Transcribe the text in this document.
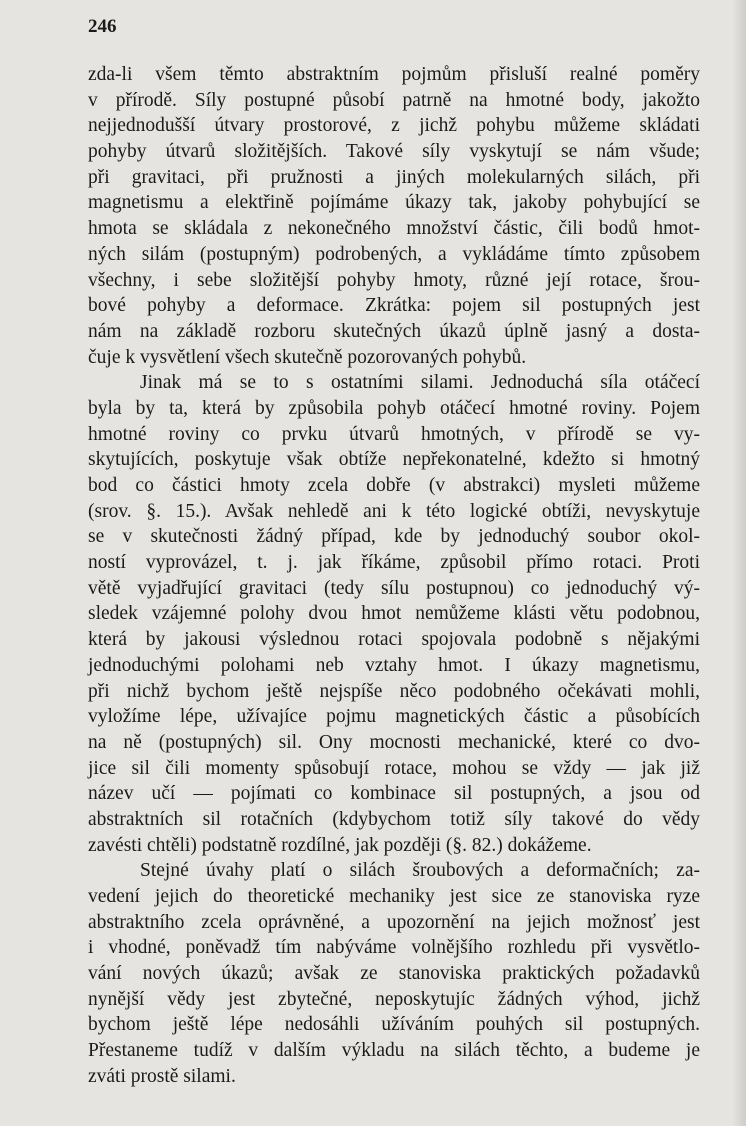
246
zda-li všem těmto abstraktním pojmům přisluší realné poměry
v přírodě. Síly postupné působí patrně na hmotné body, jakožto
nejjednodušší útvary prostorové, z jichž pohybu můžeme skládati
pohyby útvarů složitějších. Takové síly vyskytují se nám všude;
při gravitaci, při pružnosti a jiných molekularných silách, při
magnetismu a elektřině pojímáme úkazy tak, jakoby pohybující se
hmota se skládala z nekonečného množství částic, čili bodů hmot-
ných silám (postupným) podrobených, a vykládáme tímto způsobem
všechny, i sebe složitější pohyby hmoty, různé její rotace, šrou-
bové pohyby a deformace. Zkrátka: pojem sil postupných jest
nám na základě rozboru skutečných úkazů úplně jasný a dosta-
čuje k vysvětlení všech skutečně pozorovaných pohybů.
Jinak má se to s ostatními silami. Jednoduchá síla otáčecí
byla by ta, která by způsobila pohyb otáčecí hmotné roviny. Pojem
hmotné roviny co prvku útvarů hmotných, v přírodě se vy-
skytujících, poskytuje však obtíže nepřekonatelné, kdežto si hmotný
bod co částici hmoty zcela dobře (v abstrakci) mysleti můžeme
(srov. §. 15.). Avšak nehledě ani k této logické obtíži, nevyskytuje
se v skutečnosti žádný případ, kde by jednoduchý soubor okol-
ností vyprovázel, t. j. jak říkáme, způsobil přímo rotaci. Proti
větě vyjadřující gravitaci (tedy sílu postupnou) co jednoduchý vý-
sledek vzájemné polohy dvou hmot nemůžeme klásti větu podobnou,
která by jakousi výslednou rotaci spojovala podobně s nějakými
jednoduchými polohami neb vztahy hmot. I úkazy magnetismu,
při nichž bychom ještě nejspíše něco podobného očekávati mohli,
vyložíme lépe, užívajíce pojmu magnetických částic a působících
na ně (postupných) sil. Ony mocnosti mechanické, které co dvo-
jice sil čili momenty spůsobují rotace, mohou se vždy — jak již
název učí — pojímati co kombinace sil postupných, a jsou od
abstraktních sil rotačních (kdybychom totiž síly takové do vědy
zavésti chtěli) podstatně rozdílné, jak později (§. 82.) dokážeme.
Stejné úvahy platí o silách šroubových a deformačních; za-
vedení jejich do theoretické mechaniky jest sice ze stanoviska ryze
abstraktního zcela oprávněné, a upozornění na jejich možnosť jest
i vhodné, poněvadž tím nabýváme volnějšího rozhledu při vysvětlo-
vání nových úkazů; avšak ze stanoviska praktických požadavků
nynější vědy jest zbytečné, neposkytujíc žádných výhod, jichž
bychom ještě lépe nedosáhli užíváním pouhých sil postupných.
Přestaneme tudíž v dalším výkladu na silách těchto, a budeme je
zváti prostě silami.
